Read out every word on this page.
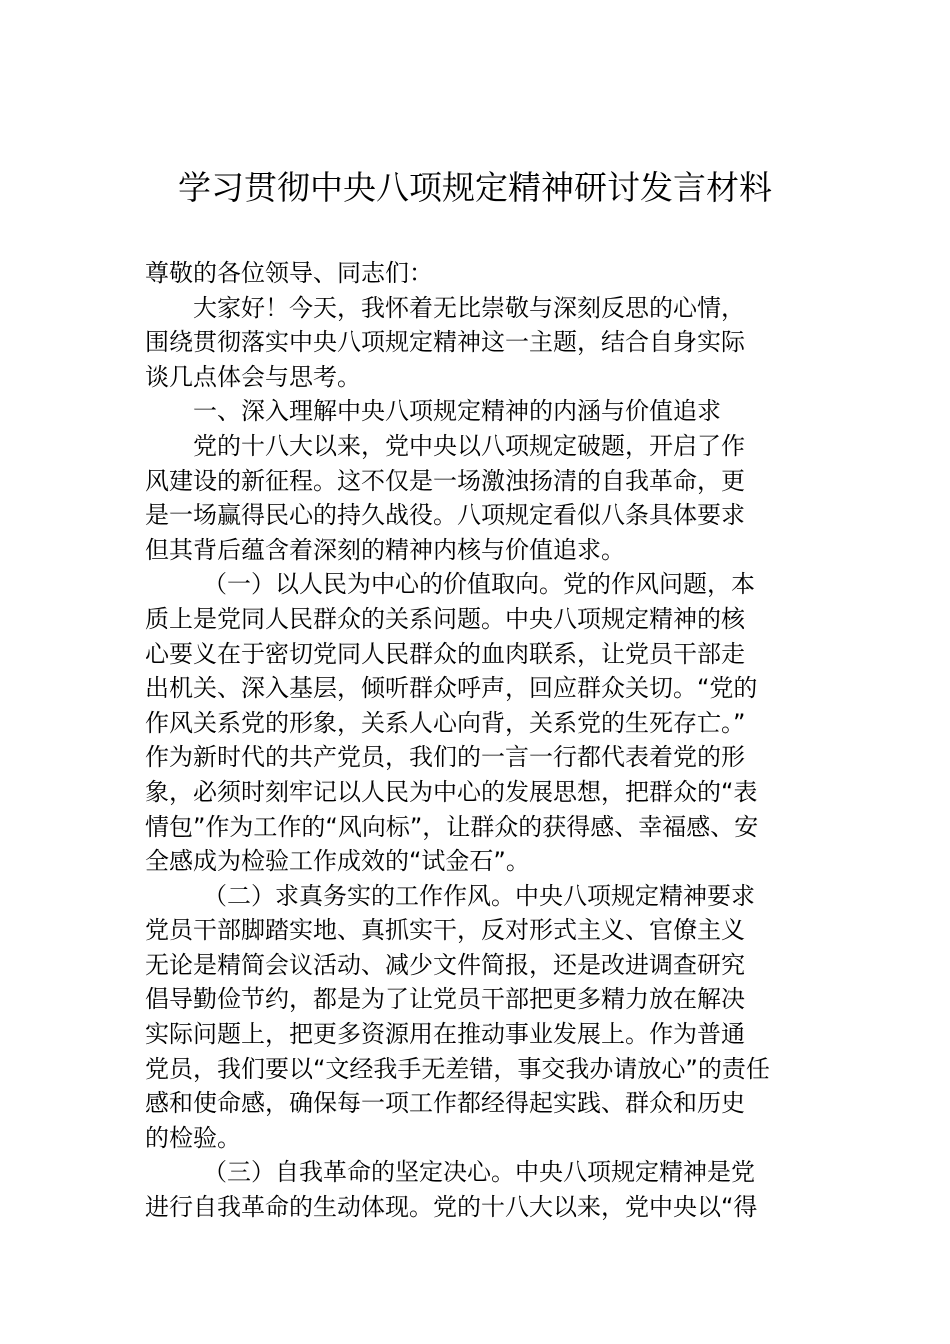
学习贯彻中央八项规定精神研讨发言材料
尊敬的各位领导、同志们：
大家好！今天，我怀着无比崇敬与深刻反思的心情，
围绕贯彻落实中央八项规定精神这一主题，结合自身实际
谈几点体会与思考。
一、深入理解中央八项规定精神的内涵与价值追求
党的十八大以来，党中央以八项规定破题，开启了作
风建设的新征程。这不仅是一场激浊扬清的自我革命，更
是一场赢得民心的持久战役。八项规定看似八条具体要求
但其背后蕴含着深刻的精神内核与价值追求。
（一）以人民为中心的价值取向。党的作风问题，本
质上是党同人民群众的关系问题。中央八项规定精神的核
心要义在于密切党同人民群众的血肉联系，让党员干部走
出机关、深入基层，倾听群众呼声，回应群众关切。“党的
作风关系党的形象，关系人心向背，关系党的生死存亡。”
作为新时代的共产党员，我们的一言一行都代表着党的形
象，必须时刻牢记以人民为中心的发展思想，把群众的“表
情包”作为工作的“风向标”，让群众的获得感、幸福感、安
全感成为检验工作成效的“试金石”。
（二）求真务实的工作作风。中央八项规定精神要求
党员干部脚踏实地、真抓实干，反对形式主义、官僚主义
无论是精简会议活动、减少文件简报，还是改进调查研究
倡导勤俭节约，都是为了让党员干部把更多精力放在解决
实际问题上，把更多资源用在推动事业发展上。作为普通
党员，我们要以“文经我手无差错，事交我办请放心”的责任
感和使命感，确保每一项工作都经得起实践、群众和历史
的检验。
（三）自我革命的坚定决心。中央八项规定精神是党
进行自我革命的生动体现。党的十八大以来，党中央以“得
